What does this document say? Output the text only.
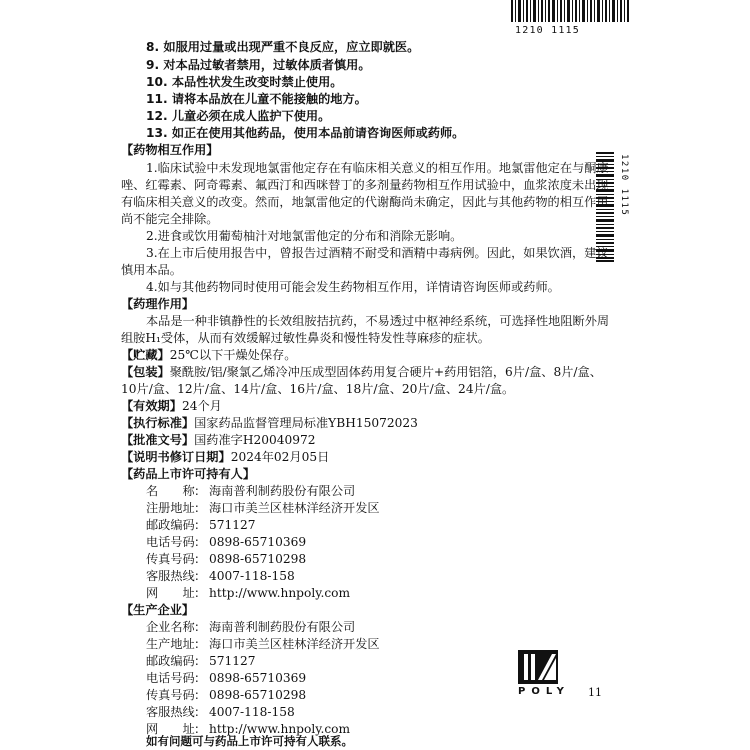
1210 1115
1210 1115
8. 如服用过量或出现严重不良反应，应立即就医。
9. 对本品过敏者禁用，过敏体质者慎用。
10. 本品性状发生改变时禁止使用。
11. 请将本品放在儿童不能接触的地方。
12. 儿童必须在成人监护下使用。
13. 如正在使用其他药品，使用本品前请咨询医师或药师。
【药物相互作用】
1.临床试验中未发现地氯雷他定存在有临床相关意义的相互作用。地氯雷他定在与酮康
唑、红霉素、阿奇霉素、氟西汀和西咪替丁的多剂量药物相互作用试验中，血浆浓度未出现
有临床相关意义的改变。然而，地氯雷他定的代谢酶尚未确定，因此与其他药物的相互作用
尚不能完全排除。
2.进食或饮用葡萄柚汁对地氯雷他定的分布和消除无影响。
3.在上市后使用报告中，曾报告过酒精不耐受和酒精中毒病例。因此，如果饮酒，建议
慎用本品。
4.如与其他药物同时使用可能会发生药物相互作用，详情请咨询医师或药师。
【药理作用】
本品是一种非镇静性的长效组胺拮抗药，不易透过中枢神经系统，可选择性地阻断外周
组胺H₁受体，从而有效缓解过敏性鼻炎和慢性特发性荨麻疹的症状。
【贮藏】25℃以下干燥处保存。
【包装】聚酰胺/铝/聚氯乙烯冷冲压成型固体药用复合硬片+药用铝箔，6片/盒、8片/盒、
10片/盒、12片/盒、14片/盒、16片/盒、18片/盒、20片/盒、24片/盒。
【有效期】24个月
【执行标准】国家药品监督管理局标准YBH15072023
【批准文号】国药准字H20040972
【说明书修订日期】2024年02月05日
【药品上市许可持有人】
名　　称: 海南普利制药股份有限公司
注册地址: 海口市美兰区桂林洋经济开发区
邮政编码: 571127
电话号码: 0898-65710369
传真号码: 0898-65710298
客服热线: 4007-118-158
网　　址: http://www.hnpoly.com
【生产企业】
企业名称: 海南普利制药股份有限公司
生产地址: 海口市美兰区桂林洋经济开发区
邮政编码: 571127
电话号码: 0898-65710369
传真号码: 0898-65710298
客服热线: 4007-118-158
网　　址: http://www.hnpoly.com
如有问题可与药品上市许可持有人联系。
POLY 11
